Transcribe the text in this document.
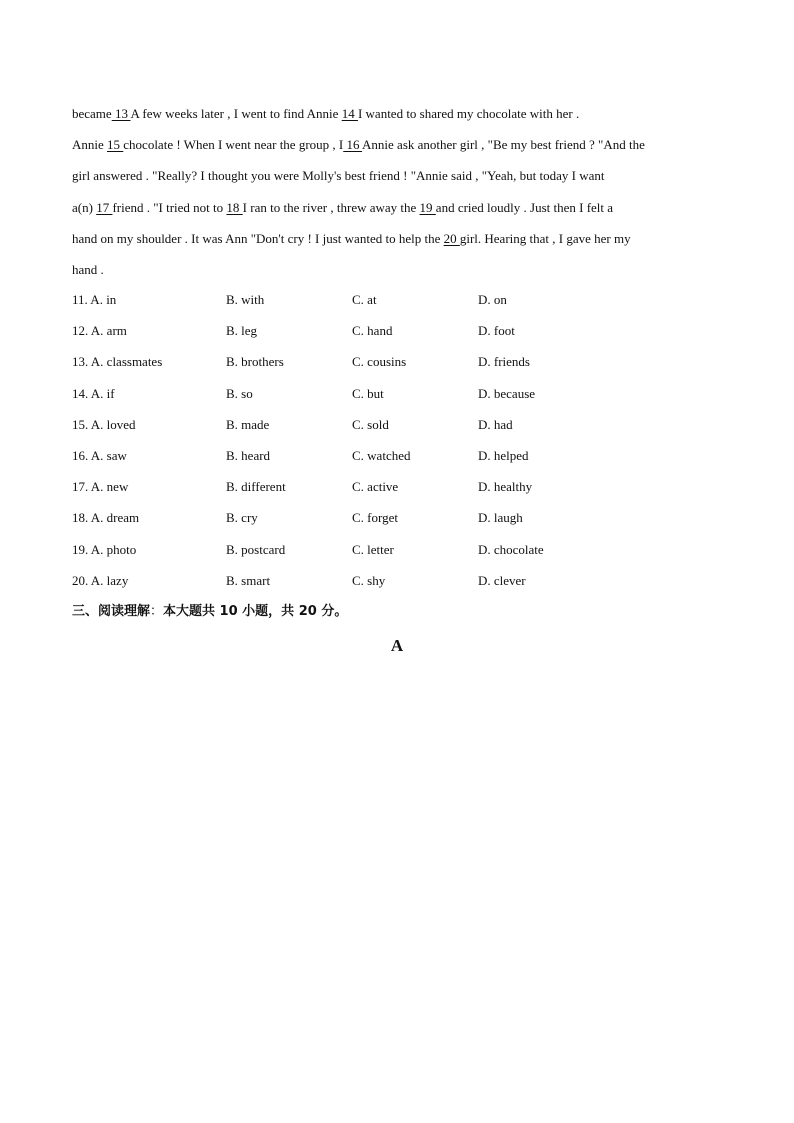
became 13 A few weeks later , I went to find Annie 14 I wanted to shared my chocolate with her .
Annie 15 chocolate ! When I went near the group , I 16 Annie ask another girl , "Be my best friend ? "And the
girl answered . "Really? I thought you were Molly's best friend ! "Annie said , "Yeah, but today I want
a(n) 17 friend . "I tried not to 18 I ran to the river , threw away the 19 and cried loudly . Just then I felt a
hand on my shoulder . It was Ann "Don't cry ! I just wanted to help the 20 girl. Hearing that , I gave her my
hand .
11. A. in	B. with	C. at	D. on
12. A. arm	B. leg	C. hand	D. foot
13. A. classmates	B. brothers	C. cousins	D. friends
14. A. if	B. so	C. but	D. because
15. A. loved	B. made	C. sold	D. had
16. A. saw	B. heard	C. watched	D. helped
17. A. new	B. different	C. active	D. healthy
18. A. dream	B. cry	C. forget	D. laugh
19. A. photo	B. postcard	C. letter	D. chocolate
20. A. lazy	B. smart	C. shy	D. clever
三、阅读理解：本大题共 10 小题，共 20 分。
A
